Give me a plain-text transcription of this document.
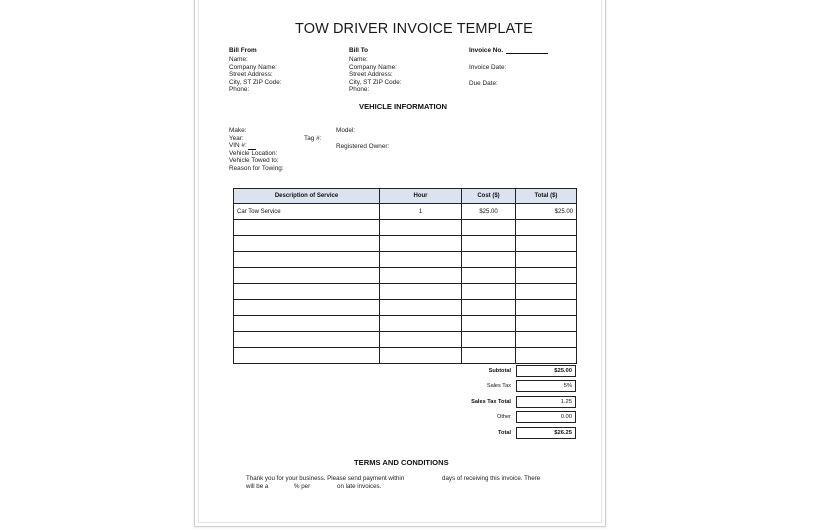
TOW DRIVER INVOICE TEMPLATE
Bill From
Name:
Company Name:
Street Address:
City, ST ZIP Code:
Phone:
Bill To
Name:
Company Name:
Street Address:
City, ST ZIP Code:
Phone:
Invoice No.
Invoice Date:
Due Date:
VEHICLE INFORMATION
Make:
Year:
VIN #:
Vehicle Location:
Vehicle Towed to:
Reason for Towing:
Tag #:
Model:
Registered Owner:
Description of Service	Hour	Cost ($)	Total ($)
Car Tow Service	1	$25.00	$25.00

Subtotal	$25.00
Sales Tax	5%
Sales Tax Total	1.25
Other	0.00
Total	$26.25
TERMS AND CONDITIONS
Thank you for your business. Please send payment within	days of receiving this invoice. There
will be a	% per	on late invoices.
